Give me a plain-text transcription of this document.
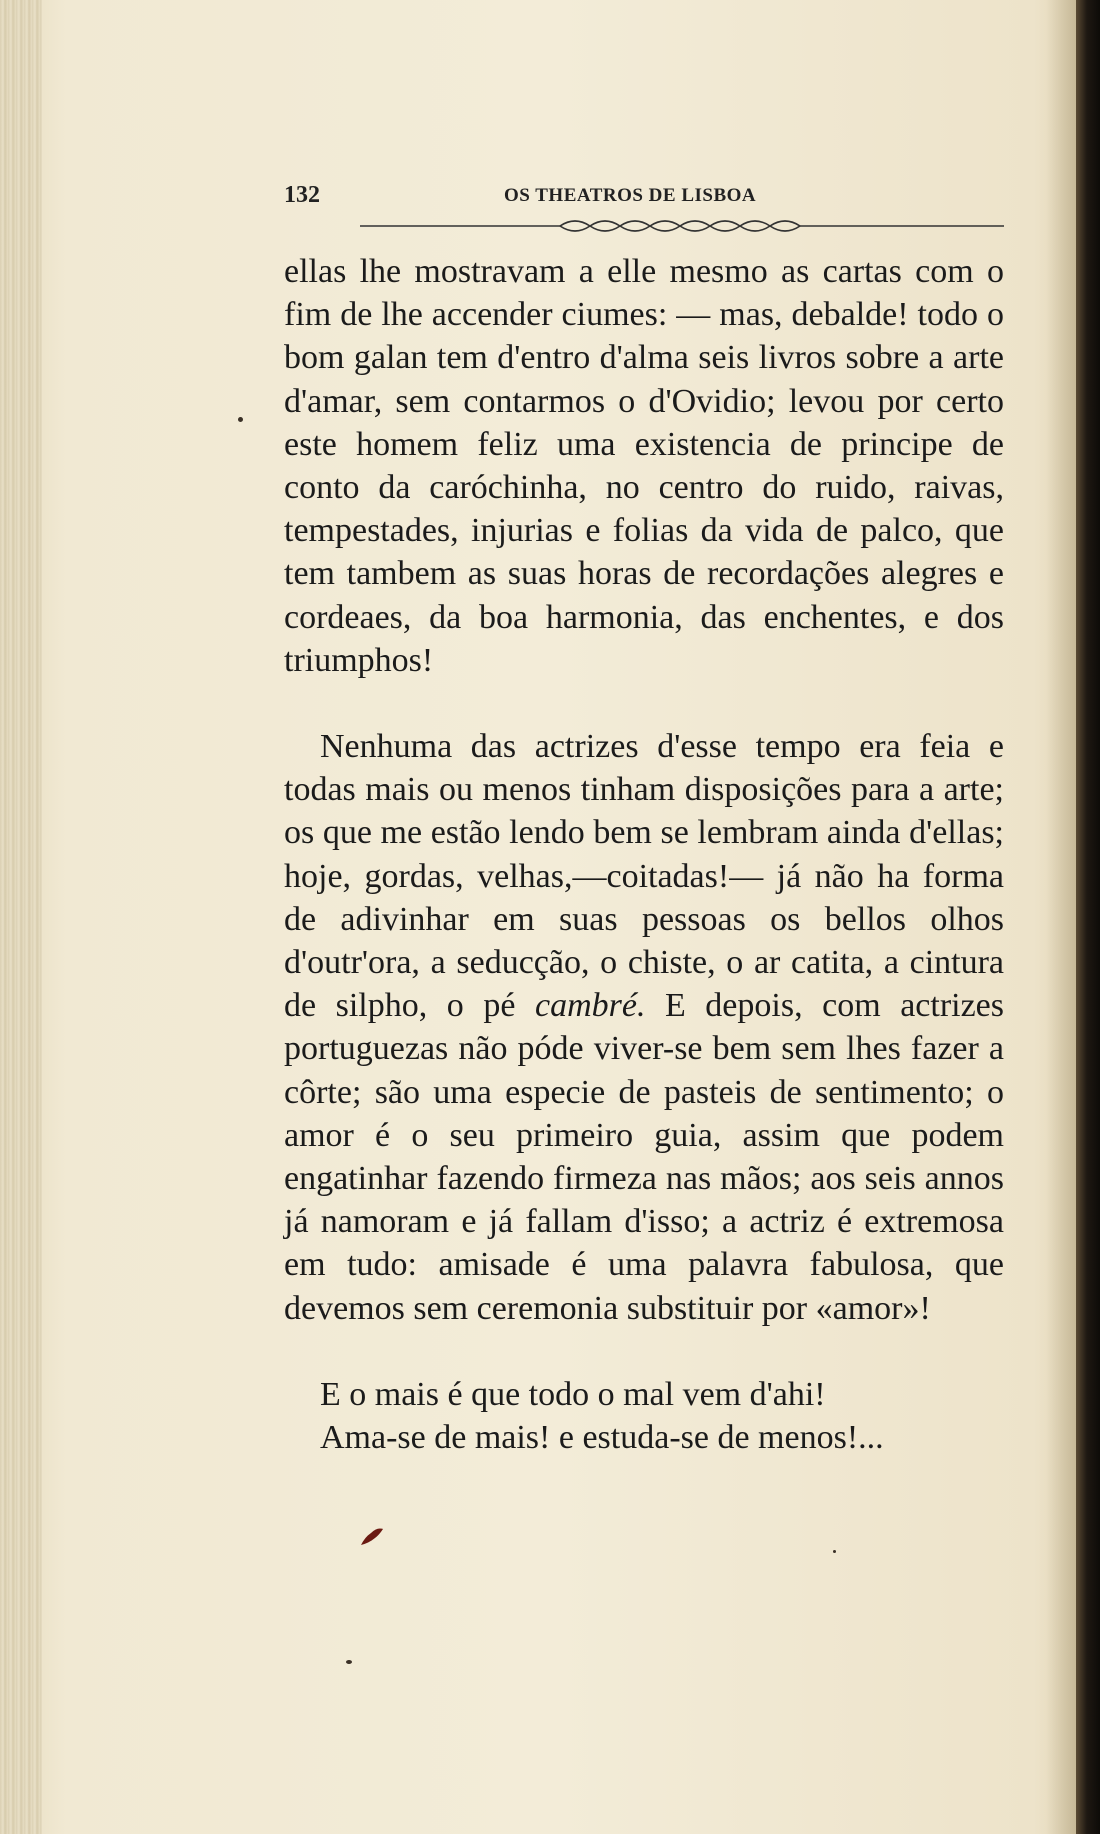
132	OS THEATROS DE LISBOA

ellas lhe mostravam a elle mesmo as cartas com o fim de lhe accender ciumes: — mas, debalde! todo o bom galan tem d'entro d'alma seis livros sobre a arte d'amar, sem contarmos o d'Ovidio; levou por certo este homem feliz uma existencia de principe de conto da caróchinha, no centro do ruido, raivas, tempestades, injurias e folias da vida de palco, que tem tambem as suas horas de recordações alegres e cordeaes, da boa harmonia, das enchentes, e dos triumphos!

Nenhuma das actrizes d'esse tempo era feia e todas mais ou menos tinham disposições para a arte; os que me estão lendo bem se lembram ainda d'ellas; hoje, gordas, velhas,—coitadas!— já não ha forma de adivinhar em suas pessoas os bellos olhos d'outr'ora, a seducção, o chiste, o ar catita, a cintura de silpho, o pé cambré. E depois, com actrizes portuguezas não póde viver-se bem sem lhes fazer a côrte; são uma especie de pasteis de sentimento; o amor é o seu primeiro guia, assim que podem engatinhar fazendo firmeza nas mãos; aos seis annos já namoram e já fallam d'isso; a actriz é extremosa em tudo: amisade é uma palavra fabulosa, que devemos sem ceremonia substituir por «amor»!

E o mais é que todo o mal vem d'ahi!

Ama-se de mais! e estuda-se de menos!...
